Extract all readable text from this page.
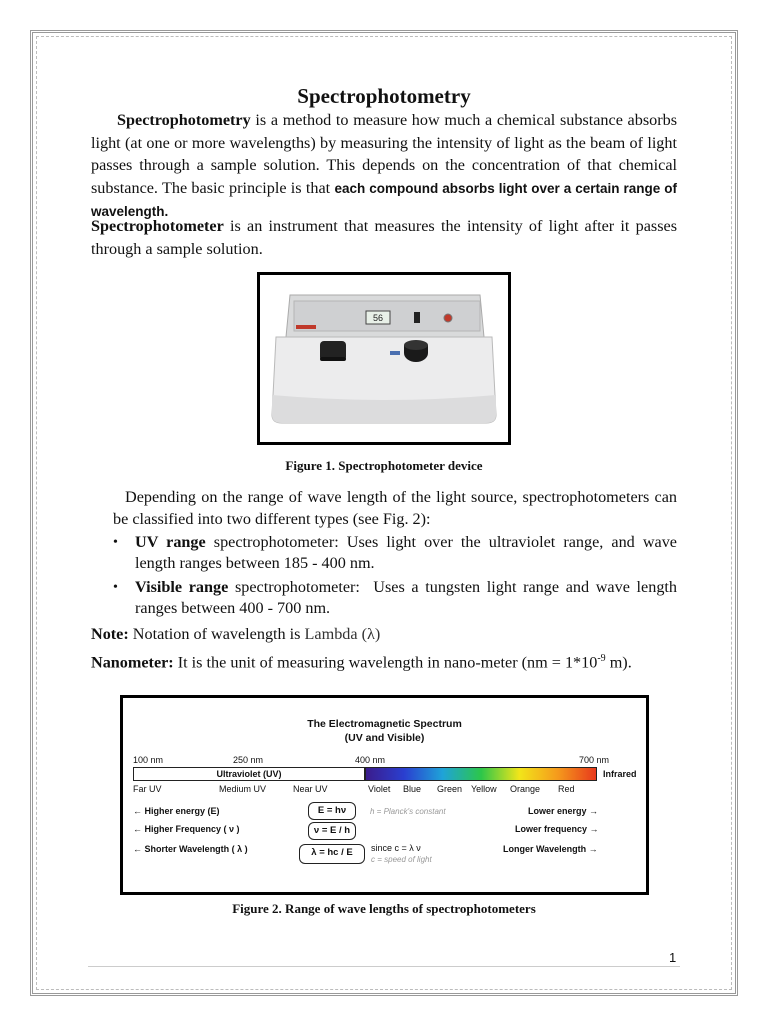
Spectrophotometry
Spectrophotometry is a method to measure how much a chemical substance absorbs light (at one or more wavelengths) by measuring the intensity of light as the beam of light passes through a sample solution. This depends on the concentration of that chemical substance. The basic principle is that each compound absorbs light over a certain range of wavelength.
Spectrophotometer is an instrument that measures the intensity of light after it passes through a sample solution.
56
Figure 1. Spectrophotometer device
Depending on the range of wave length of the light source, spectrophotometers can be classified into two different types (see Fig. 2):
• UV range spectrophotometer: Uses light over the ultraviolet range, and wave length ranges between 185 - 400 nm.
• Visible range spectrophotometer: Uses a tungsten light range and wave length ranges between 400 - 700 nm.
Note: Notation of wavelength is Lambda (λ)
Nanometer: It is the unit of measuring wavelength in nano-meter ($nm = 1*10^{-9}$ m).
The Electromagnetic Spectrum
(UV and Visible)
100 nm	250 nm	400 nm	700 nm
Ultraviolet (UV)	Infrared
Far UV	Medium UV	Near UV	Violet Blue Green Yellow Orange Red
← Higher energy (E)
← Higher Frequency ( ν )
← Shorter Wavelength ( λ )
E = hν
ν = E / h
λ = hc / E
h = Planck's constant
since c = λ ν
c = speed of light
Lower energy →
Lower frequency →
Longer Wavelength →
Figure 2. Range of wave lengths of spectrophotometers
1
